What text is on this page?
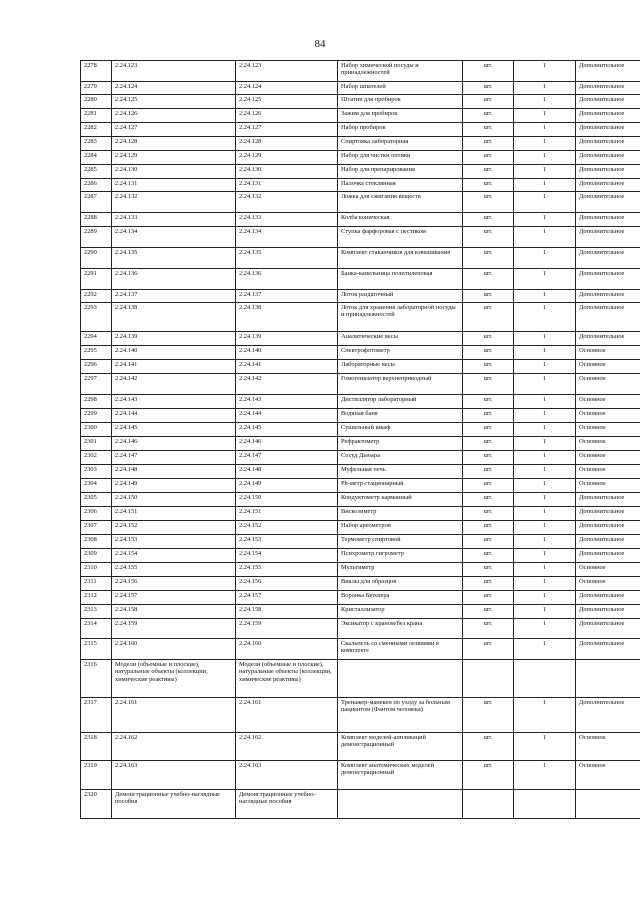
84
2278	2.24.123	2.24.123	Набор химической посуды и принадлежностей	шт.	1	Дополнительное
2279	2.24.124	2.24.124	Набор шпателей	шт.	1	Дополнительное
2280	2.24.125	2.24.125	Штатив для пробирок	шт.	1	Дополнительное
2281	2.24.126	2.24.126	Зажим для пробирок	шт.	1	Дополнительное
2282	2.24.127	2.24.127	Набор пробирок	шт.	1	Дополнительное
2283	2.24.128	2.24.128	Спиртовка лабораторная	шт.	1	Дополнительное
2284	2.24.129	2.24.129	Набор для чистки оптики	шт.	1	Дополнительное
2285	2.24.130	2.24.130	Набор для препарирования	шт.	1	Дополнительное
2286	2.24.131	2.24.131	Палочка стеклянная	шт.	1	Дополнительное
2287	2.24.132	2.24.132	Ложка для сжигания веществ	шт.	1	Дополнительное
2288	2.24.133	2.24.133	Колба коническая	шт.	1	Дополнительное
2289	2.24.134	2.24.134	Ступка фарфоровая с пестиком	шт.	1	Дополнительное
2290	2.24.135	2.24.135	Комплект стаканчиков для взвешивания	шт.	1	Дополнительное
2291	2.24.136	2.24.136	Банка-капельница политиленовая	шт.	1	Дополнительное
2292	2.24.137	2.24.137	Лоток раздаточный	шт.	1	Дополнительное
2293	2.24.138	2.24.138	Лоток для хранения лабораторной посуды и принадлежностей	шт.	1	Дополнительное
2294	2.24.139	2.24.139	Аналитические весы	шт.	1	Дополнительное
2295	2.24.140	2.24.140	Спектрофотометр	шт.	1	Основное
2296	2.24.141	2.24.141	Лабораторные весы	шт.	1	Основное
2297	2.24.142	2.24.142	Гомогенизатор верхнеприводный	шт.	1	Основное
2298	2.24.143	2.24.143	Дистиллятор лабораторный	шт.	1	Основное
2299	2.24.144	2.24.144	Водяная баня	шт.	1	Основное
2300	2.24.145	2.24.145	Сушильный шкаф	шт.	1	Основное
2301	2.24.146	2.24.146	Рефрактометр	шт.	1	Основное
2302	2.24.147	2.24.147	Сосуд Дьюара	шт.	1	Основное
2303	2.24.148	2.24.148	Муфельная печь	шт.	1	Основное
2304	2.24.149	2.24.149	Ph-метр стационарный	шт.	1	Основное
2305	2.24.150	2.24.150	Кондуктометр карманный	шт.	1	Дополнительное
2306	2.24.151	2.24.151	Вискозиметр	шт.	1	Дополнительное
2307	2.24.152	2.24.152	Набор ареометров	шт.	1	Дополнительное
2308	2.24.153	2.24.153	Термометр спиртовой	шт.	1	Дополнительное
2309	2.24.154	2.24.154	Психрометр гигрометр	шт.	1	Дополнительное
2310	2.24.155	2.24.155	Мультиметр	шт.	1	Основное
2311	2.24.156	2.24.156	Виалы для образцов	шт.	1	Основное
2312	2.24.157	2.24.157	Воронка Бюхнера	шт.	1	Дополнительное
2313	2.24.158	2.24.158	Кристаллизатор	шт.	1	Дополнительное
2314	2.24.159	2.24.159	Эксикатор с краном/без крана	шт.	1	Дополнительное
2315	2.24.160	2.24.160	Скальпель со сменными лезвиями в комплекте	шт.	1	Дополнительное
2316	Модели (объемные и плоские), натуральные объекты (коллекции, химические реактивы)	Модели (объемные и плоские), натуральные объекты (коллекции, химические реактивы)				
2317	2.24.161	2.24.161	Тренажер-манекен по уходу за больным пациентом (Фантом человека)	шт.	1	Дополнительное
2318	2.24.162	2.24.162	Комплект моделей-аппликаций демонстрационный	шт.	1	Основное
2319	2.24.163	2.24.163	Комплект анатомических моделей демонстрационный	шт.	1	Основное
2320	Демонстрационные учебно-наглядные пособия	Демонстрационные учебно-наглядные пособия				
